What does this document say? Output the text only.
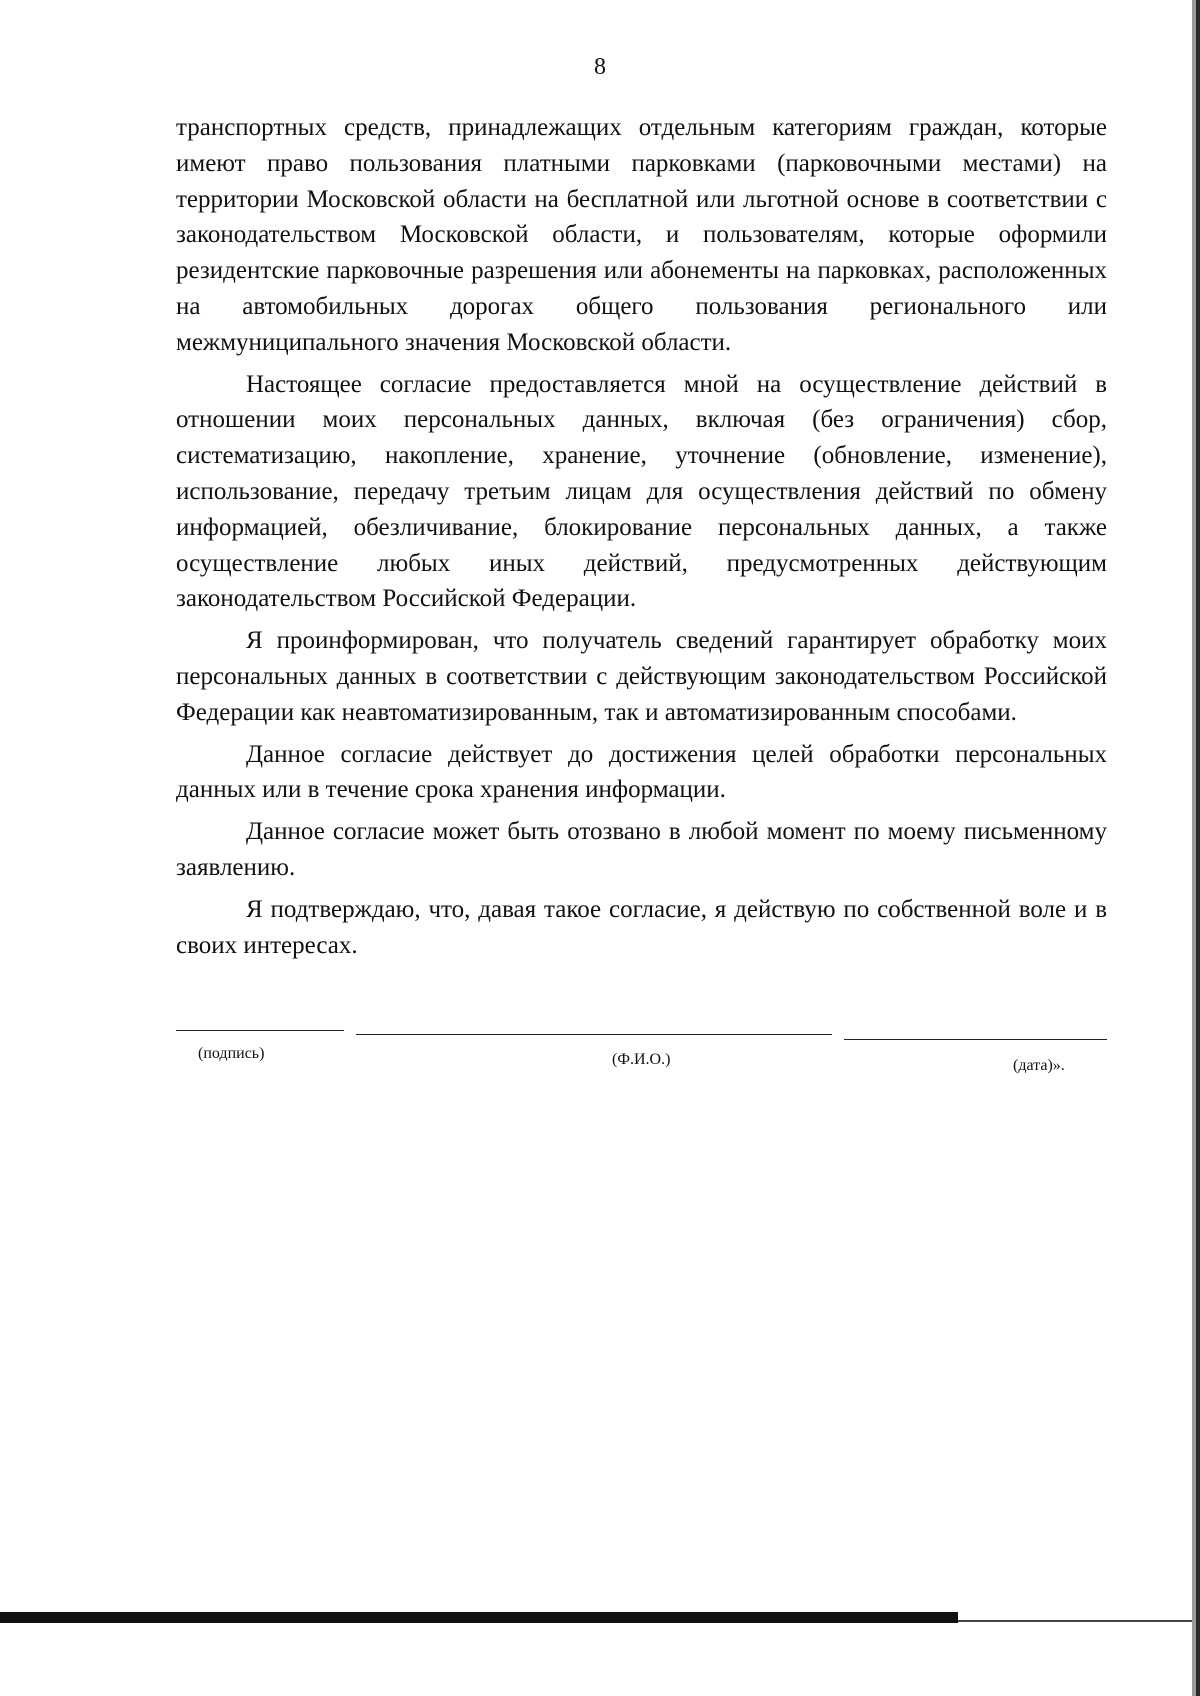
8

транспортных средств, принадлежащих отдельным категориям граждан, которые имеют право пользования платными парковками (парковочными местами) на территории Московской области на бесплатной или льготной основе в соответствии с законодательством Московской области, и пользователям, которые оформили резидентские парковочные разрешения или абонементы на парковках, расположенных на автомобильных дорогах общего пользования регионального или межмуниципального значения Московской области.

Настоящее согласие предоставляется мной на осуществление действий в отношении моих персональных данных, включая (без ограничения) сбор, систематизацию, накопление, хранение, уточнение (обновление, изменение), использование, передачу третьим лицам для осуществления действий по обмену информацией, обезличивание, блокирование персональных данных, а также осуществление любых иных действий, предусмотренных действующим законодательством Российской Федерации.

Я проинформирован, что получатель сведений гарантирует обработку моих персональных данных в соответствии с действующим законодательством Российской Федерации как неавтоматизированным, так и автоматизированным способами.

Данное согласие действует до достижения целей обработки персональных данных или в течение срока хранения информации.

Данное согласие может быть отозвано в любой момент по моему письменному заявлению.

Я подтверждаю, что, давая такое согласие, я действую по собственной воле и в своих интересах.

(подпись)	(Ф.И.О.)	(дата)».
